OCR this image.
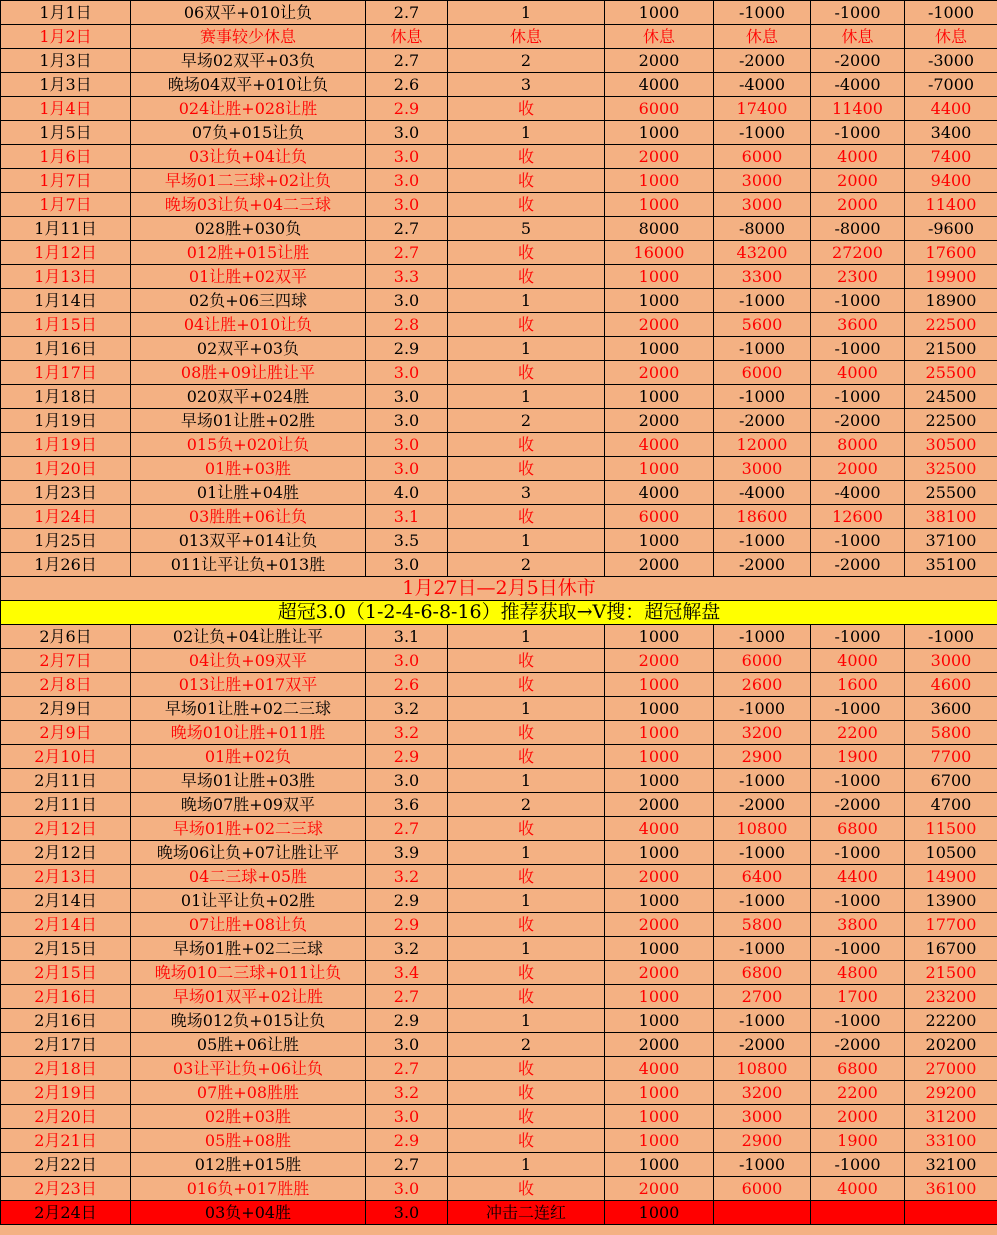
1月1日	06双平+010让负	2.7	1	1000	-1000	-1000	-1000
1月2日	赛事较少休息	休息	休息	休息	休息	休息	休息
1月3日	早场02双平+03负	2.7	2	2000	-2000	-2000	-3000
1月3日	晚场04双平+010让负	2.6	3	4000	-4000	-4000	-7000
1月4日	024让胜+028让胜	2.9	收	6000	17400	11400	4400
1月5日	07负+015让负	3.0	1	1000	-1000	-1000	3400
1月6日	03让负+04让负	3.0	收	2000	6000	4000	7400
1月7日	早场01二三球+02让负	3.0	收	1000	3000	2000	9400
1月7日	晚场03让负+04二三球	3.0	收	1000	3000	2000	11400
1月11日	028胜+030负	2.7	5	8000	-8000	-8000	-9600
1月12日	012胜+015让胜	2.7	收	16000	43200	27200	17600
1月13日	01让胜+02双平	3.3	收	1000	3300	2300	19900
1月14日	02负+06三四球	3.0	1	1000	-1000	-1000	18900
1月15日	04让胜+010让负	2.8	收	2000	5600	3600	22500
1月16日	02双平+03负	2.9	1	1000	-1000	-1000	21500
1月17日	08胜+09让胜让平	3.0	收	2000	6000	4000	25500
1月18日	020双平+024胜	3.0	1	1000	-1000	-1000	24500
1月19日	早场01让胜+02胜	3.0	2	2000	-2000	-2000	22500
1月19日	015负+020让负	3.0	收	4000	12000	8000	30500
1月20日	01胜+03胜	3.0	收	1000	3000	2000	32500
1月23日	01让胜+04胜	4.0	3	4000	-4000	-4000	25500
1月24日	03胜胜+06让负	3.1	收	6000	18600	12600	38100
1月25日	013双平+014让负	3.5	1	1000	-1000	-1000	37100
1月26日	011让平让负+013胜	3.0	2	2000	-2000	-2000	35100
1月27日—2月5日休市							
超冠3.0（1-2-4-6-8-16）推荐获取→V搜：超冠解盘							
2月6日	02让负+04让胜让平	3.1	1	1000	-1000	-1000	-1000
2月7日	04让负+09双平	3.0	收	2000	6000	4000	3000
2月8日	013让胜+017双平	2.6	收	1000	2600	1600	4600
2月9日	早场01让胜+02二三球	3.2	1	1000	-1000	-1000	3600
2月9日	晚场010让胜+011胜	3.2	收	1000	3200	2200	5800
2月10日	01胜+02负	2.9	收	1000	2900	1900	7700
2月11日	早场01让胜+03胜	3.0	1	1000	-1000	-1000	6700
2月11日	晚场07胜+09双平	3.6	2	2000	-2000	-2000	4700
2月12日	早场01胜+02二三球	2.7	收	4000	10800	6800	11500
2月12日	晚场06让负+07让胜让平	3.9	1	1000	-1000	-1000	10500
2月13日	04二三球+05胜	3.2	收	2000	6400	4400	14900
2月14日	01让平让负+02胜	2.9	1	1000	-1000	-1000	13900
2月14日	07让胜+08让负	2.9	收	2000	5800	3800	17700
2月15日	早场01胜+02二三球	3.2	1	1000	-1000	-1000	16700
2月15日	晚场010二三球+011让负	3.4	收	2000	6800	4800	21500
2月16日	早场01双平+02让胜	2.7	收	1000	2700	1700	23200
2月16日	晚场012负+015让负	2.9	1	1000	-1000	-1000	22200
2月17日	05胜+06让胜	3.0	2	2000	-2000	-2000	20200
2月18日	03让平让负+06让负	2.7	收	4000	10800	6800	27000
2月19日	07胜+08胜胜	3.2	收	1000	3200	2200	29200
2月20日	02胜+03胜	3.0	收	1000	3000	2000	31200
2月21日	05胜+08胜	2.9	收	1000	2900	1900	33100
2月22日	012胜+015胜	2.7	1	1000	-1000	-1000	32100
2月23日	016负+017胜胜	3.0	收	2000	6000	4000	36100
2月24日	03负+04胜	3.0	冲击二连红	1000			
